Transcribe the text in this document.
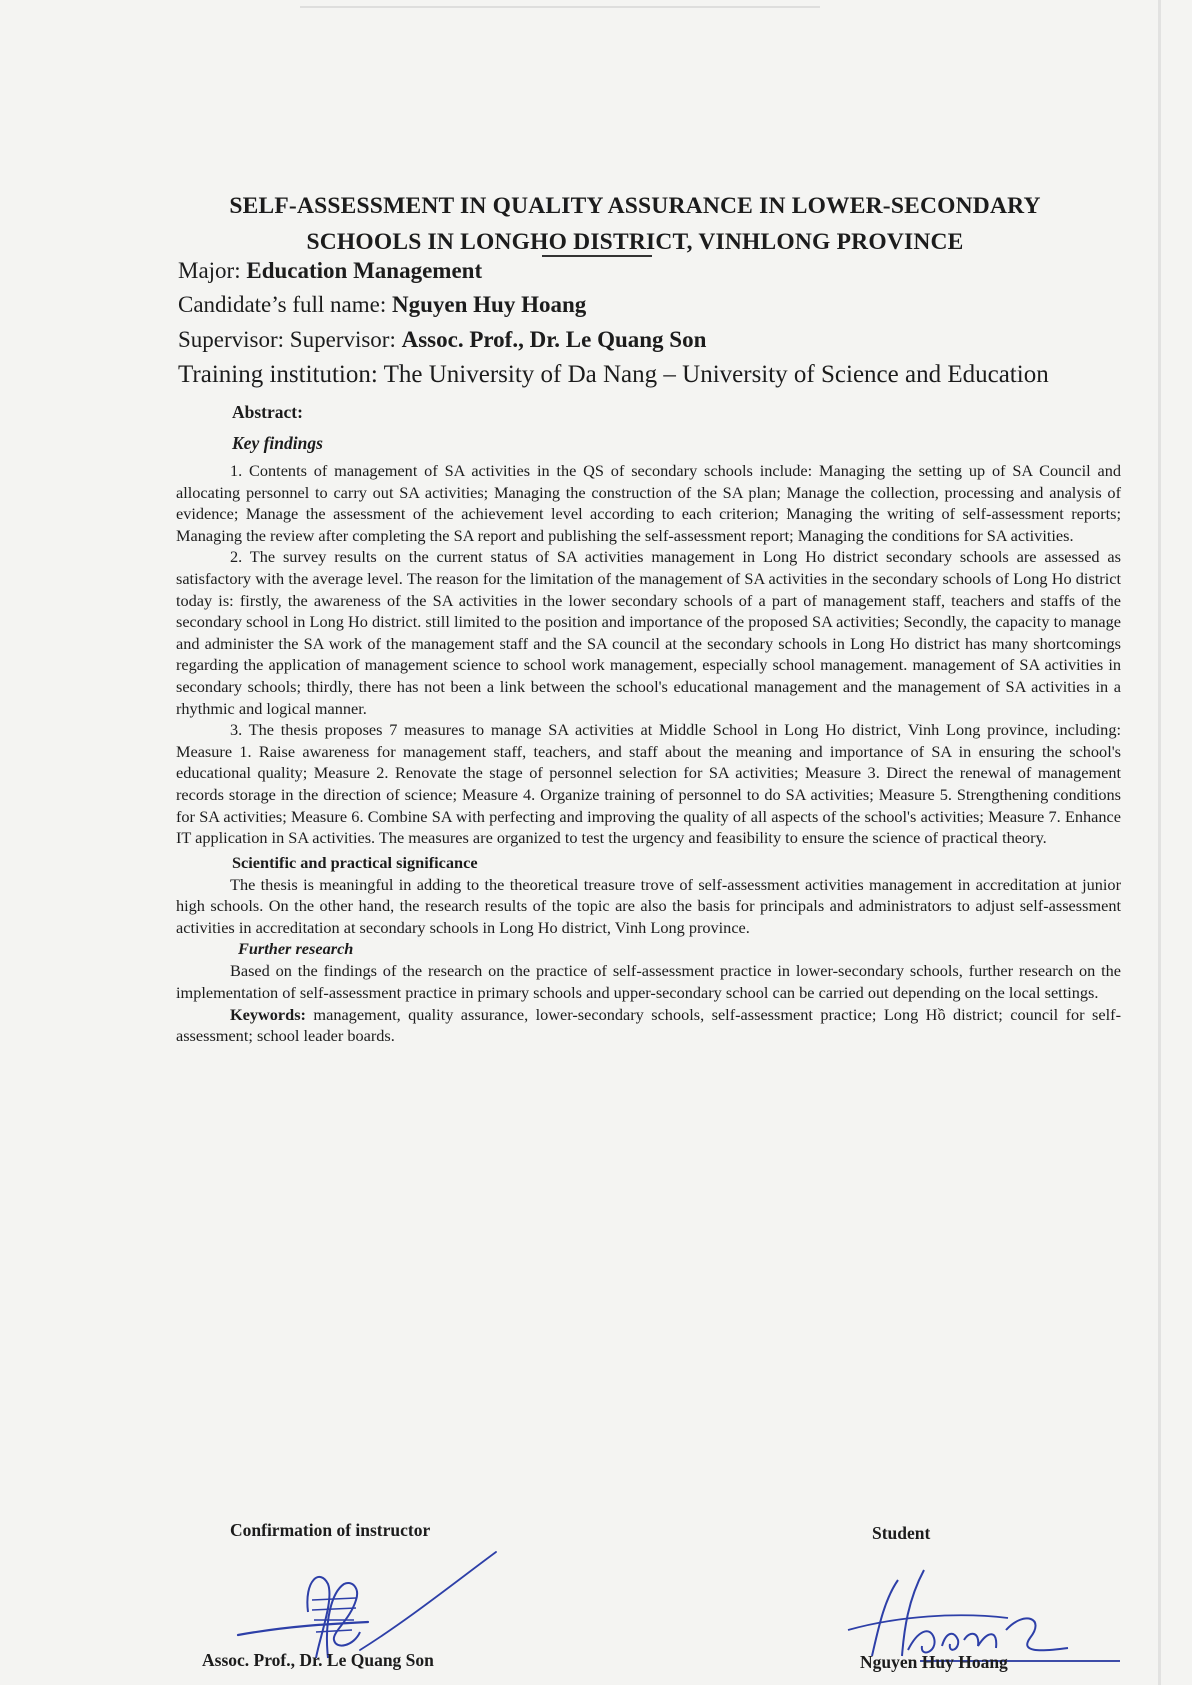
SELF-ASSESSMENT IN QUALITY ASSURANCE IN LOWER-SECONDARY
SCHOOLS IN LONGHO DISTRICT, VINHLONG PROVINCE
Major: Education Management
Candidate’s full name: Nguyen Huy Hoang
Supervisor: Supervisor: Assoc. Prof., Dr. Le Quang Son
Training institution: The University of Da Nang – University of Science and Education
Abstract:
Key findings

1. Contents of management of SA activities in the QS of secondary schools include: Managing the setting up of SA Council and allocating personnel to carry out SA activities; Managing the construction of the SA plan; Manage the collection, processing and analysis of evidence; Manage the assessment of the achievement level according to each criterion; Managing the writing of self-assessment reports; Managing the review after completing the SA report and publishing the self-assessment report; Managing the conditions for SA activities.

2. The survey results on the current status of SA activities management in Long Ho district secondary schools are assessed as satisfactory with the average level. The reason for the limitation of the management of SA activities in the secondary schools of Long Ho district today is: firstly, the awareness of the SA activities in the lower secondary schools of a part of management staff, teachers and staffs of the secondary school in Long Ho district. still limited to the position and importance of the proposed SA activities; Secondly, the capacity to manage and administer the SA work of the management staff and the SA council at the secondary schools in Long Ho district has many shortcomings regarding the application of management science to school work management, especially school management. management of SA activities in secondary schools; thirdly, there has not been a link between the school's educational management and the management of SA activities in a rhythmic and logical manner.

3. The thesis proposes 7 measures to manage SA activities at Middle School in Long Ho district, Vinh Long province, including: Measure 1. Raise awareness for management staff, teachers, and staff about the meaning and importance of SA in ensuring the school's educational quality; Measure 2. Renovate the stage of personnel selection for SA activities; Measure 3. Direct the renewal of management records storage in the direction of science; Measure 4. Organize training of personnel to do SA activities; Measure 5. Strengthening conditions for SA activities; Measure 6. Combine SA with perfecting and improving the quality of all aspects of the school's activities; Measure 7. Enhance IT application in SA activities. The measures are organized to test the urgency and feasibility to ensure the science of practical theory.

Scientific and practical significance

The thesis is meaningful in adding to the theoretical treasure trove of self-assessment activities management in accreditation at junior high schools. On the other hand, the research results of the topic are also the basis for principals and administrators to adjust self-assessment activities in accreditation at secondary schools in Long Ho district, Vinh Long province.

Further research

Based on the findings of the research on the practice of self-assessment practice in lower-secondary schools, further research on the implementation of self-assessment practice in primary schools and upper-secondary school can be carried out depending on the local settings.

Keywords: management, quality assurance, lower-secondary schools, self-assessment practice; Long Hồ district; council for self-assessment; school leader boards.

Confirmation of instructor	Student
Assoc. Prof., Dr. Le Quang Son	Nguyen Huy Hoang
